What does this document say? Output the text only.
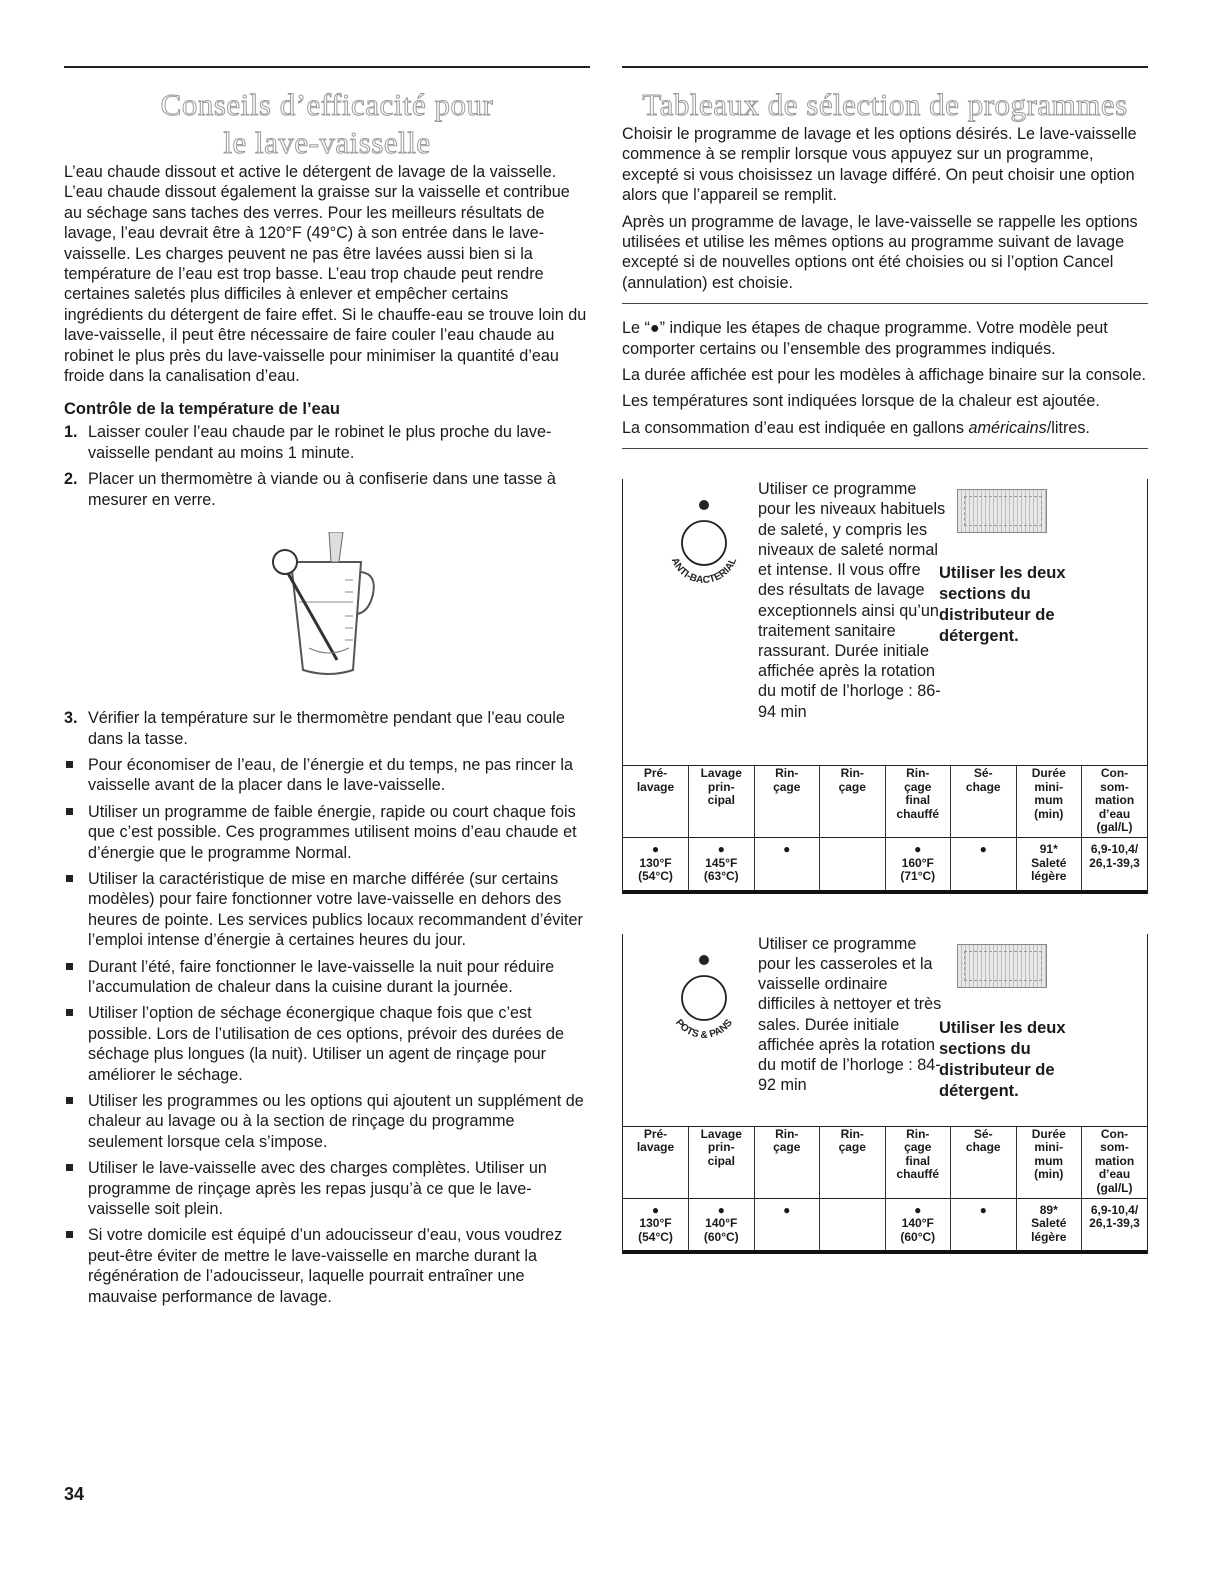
Conseils d’efficacité pour
le lave-vaisselle

L’eau chaude dissout et active le détergent de lavage de la vaisselle. L’eau chaude dissout également la graisse sur la vaisselle et contribue au séchage sans taches des verres. Pour les meilleurs résultats de lavage, l’eau devrait être à 120°F (49°C) à son entrée dans le lave-vaisselle. Les charges peuvent ne pas être lavées aussi bien si la température de l’eau est trop basse. L’eau trop chaude peut rendre certaines saletés plus difficiles à enlever et empêcher certains ingrédients du détergent de faire effet. Si le chauffe-eau se trouve loin du lave-vaisselle, il peut être nécessaire de faire couler l’eau chaude au robinet le plus près du lave-vaisselle pour minimiser la quantité d’eau froide dans la canalisation d’eau.

Contrôle de la température de l’eau
1. Laisser couler l’eau chaude par le robinet le plus proche du lave-vaisselle pendant au moins 1 minute.
2. Placer un thermomètre à viande ou à confiserie dans une tasse à mesurer en verre.
3. Vérifier la température sur le thermomètre pendant que l’eau coule dans la tasse.
Pour économiser de l’eau, de l’énergie et du temps, ne pas rincer la vaisselle avant de la placer dans le lave-vaisselle.
Utiliser un programme de faible énergie, rapide ou court chaque fois que c’est possible. Ces programmes utilisent moins d’eau chaude et d’énergie que le programme Normal.
Utiliser la caractéristique de mise en marche différée (sur certains modèles) pour faire fonctionner votre lave-vaisselle en dehors des heures de pointe. Les services publics locaux recommandent d’éviter l’emploi intense d’énergie à certaines heures du jour.
Durant l’été, faire fonctionner le lave-vaisselle la nuit pour réduire l’accumulation de chaleur dans la cuisine durant la journée.
Utiliser l’option de séchage éconergique chaque fois que c’est possible. Lors de l’utilisation de ces options, prévoir des durées de séchage plus longues (la nuit). Utiliser un agent de rinçage pour améliorer le séchage.
Utiliser les programmes ou les options qui ajoutent un supplément de chaleur au lavage ou à la section de rinçage du programme seulement lorsque cela s’impose.
Utiliser le lave-vaisselle avec des charges complètes. Utiliser un programme de rinçage après les repas jusqu’à ce que le lave-vaisselle soit plein.
Si votre domicile est équipé d’un adoucisseur d’eau, vous voudrez peut-être éviter de mettre le lave-vaisselle en marche durant la régénération de l’adoucisseur, laquelle pourrait entraîner une mauvaise performance de lavage.
Tableaux de sélection de programmes

Choisir le programme de lavage et les options désirés. Le lave-vaisselle commence à se remplir lorsque vous appuyez sur un programme, excepté si vous choisissez un lavage différé. On peut choisir une option alors que l’appareil se remplit.

Après un programme de lavage, le lave-vaisselle se rappelle les options utilisées et utilise les mêmes options au programme suivant de lavage excepté si de nouvelles options ont été choisies ou si l’option Cancel (annulation) est choisie.

Le “●” indique les étapes de chaque programme. Votre modèle peut comporter certains ou l’ensemble des programmes indiqués.

La durée affichée est pour les modèles à affichage binaire sur la console.

Les températures sont indiquées lorsque de la chaleur est ajoutée.

La consommation d’eau est indiquée en gallons américains/litres.

ANTI-BACTERIAL
Utiliser ce programme pour les niveaux habituels de saleté, y compris les niveaux de saleté normal et intense. Il vous offre des résultats de lavage exceptionnels ainsi qu’un traitement sanitaire rassurant. Durée initiale affichée après la rotation du motif de l’horloge : 86-94 min
Utiliser les deux sections du distributeur de détergent.
Pré-
lavage	Lavage
prin-
cipal	Rin-
çage	Rin-
çage	Rin-
çage
final
chauffé	Sé-
chage	Durée
mini-
mum
(min)	Con-
som-
mation
d’eau
(gal/L)
●
130°F
(54°C)	●
145°F
(63°C)	●		●
160°F
(71°C)	●	91*
Saleté
légère	6,9-10,4/
26,1-39,3
POTS & PANS
Utiliser ce programme pour les casseroles et la vaisselle ordinaire difficiles à nettoyer et très sales. Durée initiale affichée après la rotation du motif de l’horloge : 84-92 min
Utiliser les deux sections du distributeur de détergent.
Pré-
lavage	Lavage
prin-
cipal	Rin-
çage	Rin-
çage	Rin-
çage
final
chauffé	Sé-
chage	Durée
mini-
mum
(min)	Con-
som-
mation
d’eau
(gal/L)
●
130°F
(54°C)	●
140°F
(60°C)	●		●
140°F
(60°C)	●	89*
Saleté
légère	6,9-10,4/
26,1-39,3
34
